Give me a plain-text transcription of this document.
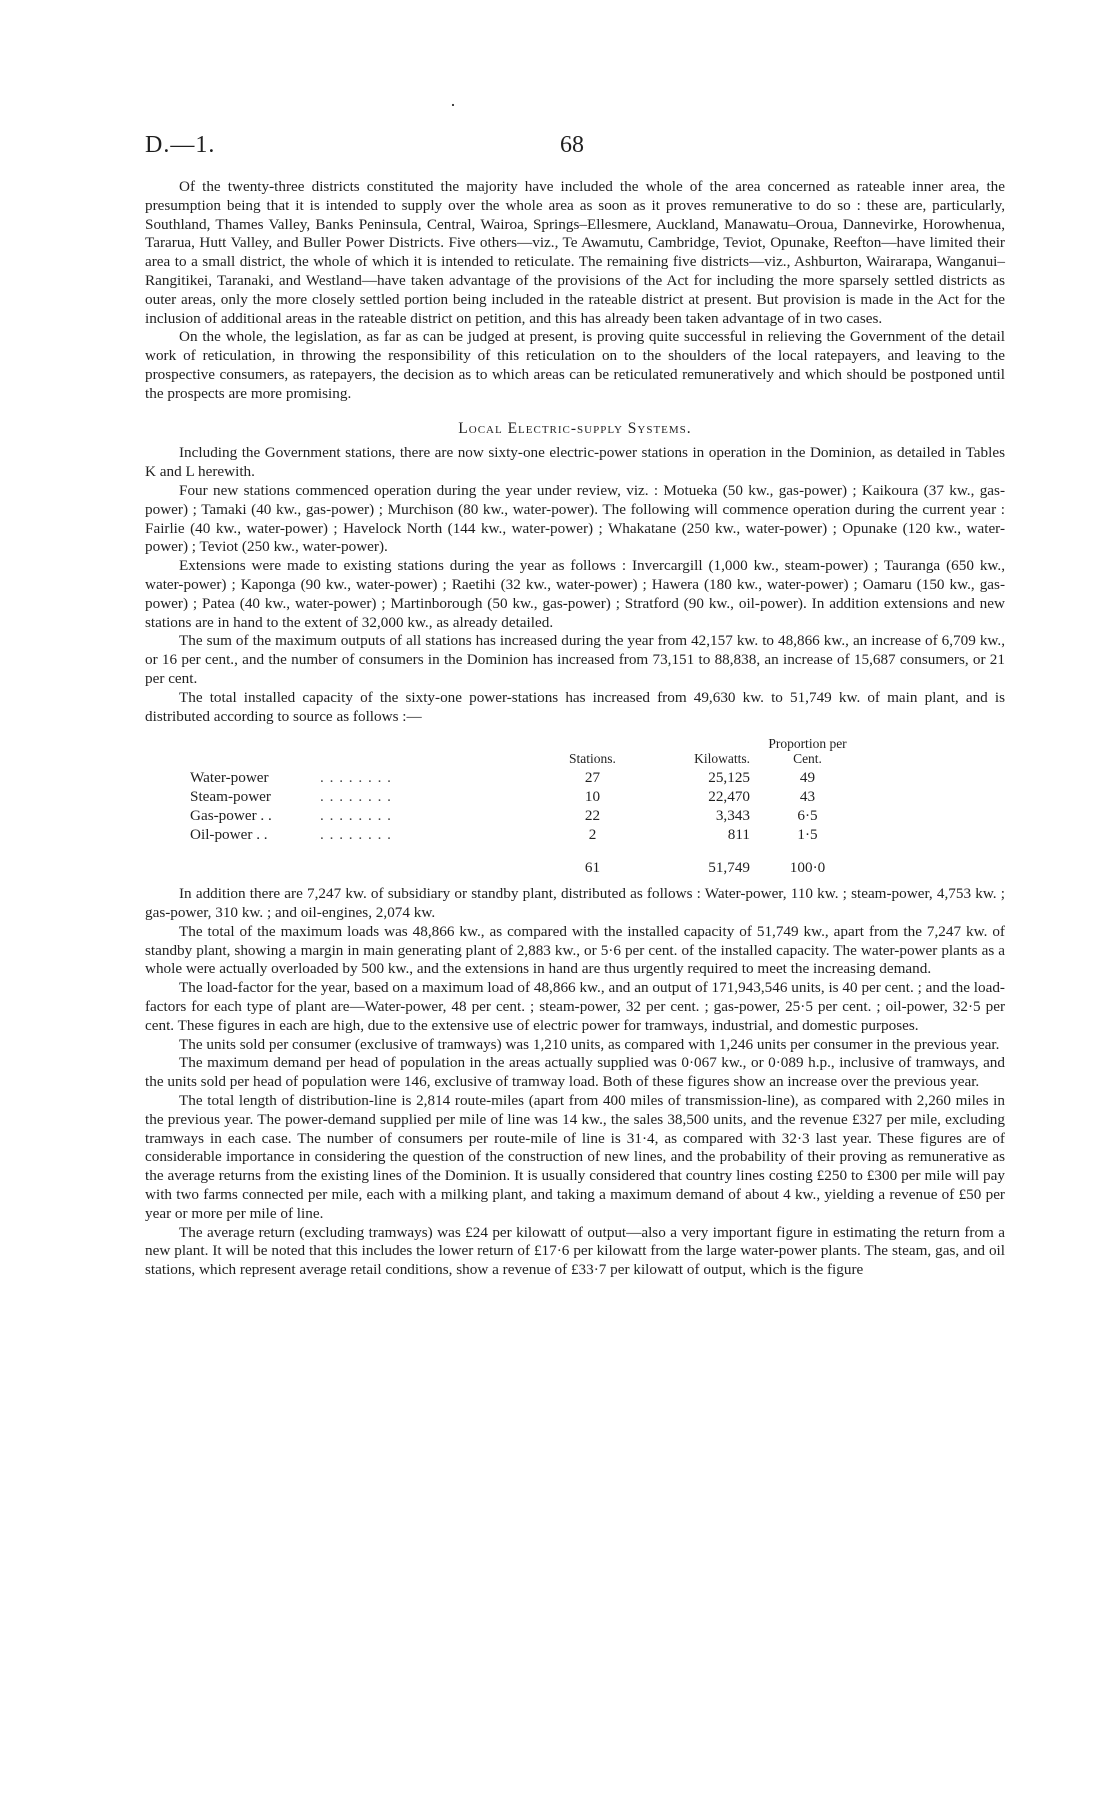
·
D.—1.	68

Of the twenty-three districts constituted the majority have included the whole of the area concerned as rateable inner area, the presumption being that it is intended to supply over the whole area as soon as it proves remunerative to do so : these are, particularly, Southland, Thames Valley, Banks Peninsula, Central, Wairoa, Springs–Ellesmere, Auckland, Manawatu–Oroua, Dannevirke, Horowhenua, Tararua, Hutt Valley, and Buller Power Districts. Five others—viz., Te Awamutu, Cambridge, Teviot, Opunake, Reefton—have limited their area to a small district, the whole of which it is intended to reticulate. The remaining five districts—viz., Ashburton, Wairarapa, Wanganui–Rangitikei, Taranaki, and Westland—have taken advantage of the provisions of the Act for including the more sparsely settled districts as outer areas, only the more closely settled portion being included in the rateable district at present. But provision is made in the Act for the inclusion of additional areas in the rateable district on petition, and this has already been taken advantage of in two cases.

On the whole, the legislation, as far as can be judged at present, is proving quite successful in relieving the Government of the detail work of reticulation, in throwing the responsibility of this reticulation on to the shoulders of the local ratepayers, and leaving to the prospective consumers, as ratepayers, the decision as to which areas can be reticulated remuneratively and which should be postponed until the prospects are more promising.

Local Electric-supply Systems.

Including the Government stations, there are now sixty-one electric-power stations in operation in the Dominion, as detailed in Tables K and L herewith.

Four new stations commenced operation during the year under review, viz. : Motueka (50 kw., gas-power) ; Kaikoura (37 kw., gas-power) ; Tamaki (40 kw., gas-power) ; Murchison (80 kw., water-power). The following will commence operation during the current year : Fairlie (40 kw., water-power) ; Havelock North (144 kw., water-power) ; Whakatane (250 kw., water-power) ; Opunake (120 kw., water-power) ; Teviot (250 kw., water-power).

Extensions were made to existing stations during the year as follows : Invercargill (1,000 kw., steam-power) ; Tauranga (650 kw., water-power) ; Kaponga (90 kw., water-power) ; Raetihi (32 kw., water-power) ; Hawera (180 kw., water-power) ; Oamaru (150 kw., gas-power) ; Patea (40 kw., water-power) ; Martinborough (50 kw., gas-power) ; Stratford (90 kw., oil-power). In addition extensions and new stations are in hand to the extent of 32,000 kw., as already detailed.

The sum of the maximum outputs of all stations has increased during the year from 42,157 kw. to 48,866 kw., an increase of 6,709 kw., or 16 per cent., and the number of consumers in the Dominion has increased from 73,151 to 88,838, an increase of 15,687 consumers, or 21 per cent.

The total installed capacity of the sixty-one power-stations has increased from 49,630 kw. to 51,749 kw. of main plant, and is distributed according to source as follows :—

		Stations.	Kilowatts.	Proportion per Cent.
Water-power	. . . . . . . .	27	25,125	49
Steam-power	. . . . . . . .	10	22,470	43
Gas-power . .	. . . . . . . .	22	3,343	6·5
Oil-power . .	. . . . . . . .	2	811	1·5
		61	51,749	100·0

In addition there are 7,247 kw. of subsidiary or standby plant, distributed as follows : Water-power, 110 kw. ; steam-power, 4,753 kw. ; gas-power, 310 kw. ; and oil-engines, 2,074 kw.

The total of the maximum loads was 48,866 kw., as compared with the installed capacity of 51,749 kw., apart from the 7,247 kw. of standby plant, showing a margin in main generating plant of 2,883 kw., or 5·6 per cent. of the installed capacity. The water-power plants as a whole were actually overloaded by 500 kw., and the extensions in hand are thus urgently required to meet the increasing demand.

The load-factor for the year, based on a maximum load of 48,866 kw., and an output of 171,943,546 units, is 40 per cent. ; and the load-factors for each type of plant are—Water-power, 48 per cent. ; steam-power, 32 per cent. ; gas-power, 25·5 per cent. ; oil-power, 32·5 per cent. These figures in each are high, due to the extensive use of electric power for tramways, industrial, and domestic purposes.

The units sold per consumer (exclusive of tramways) was 1,210 units, as compared with 1,246 units per consumer in the previous year.

The maximum demand per head of population in the areas actually supplied was 0·067 kw., or 0·089 h.p., inclusive of tramways, and the units sold per head of population were 146, exclusive of tramway load. Both of these figures show an increase over the previous year.

The total length of distribution-line is 2,814 route-miles (apart from 400 miles of transmission-line), as compared with 2,260 miles in the previous year. The power-demand supplied per mile of line was 14 kw., the sales 38,500 units, and the revenue £327 per mile, excluding tramways in each case. The number of consumers per route-mile of line is 31·4, as compared with 32·3 last year. These figures are of considerable importance in considering the question of the construction of new lines, and the probability of their proving as remunerative as the average returns from the existing lines of the Dominion. It is usually considered that country lines costing £250 to £300 per mile will pay with two farms connected per mile, each with a milking plant, and taking a maximum demand of about 4 kw., yielding a revenue of £50 per year or more per mile of line.

The average return (excluding tramways) was £24 per kilowatt of output—also a very important figure in estimating the return from a new plant. It will be noted that this includes the lower return of £17·6 per kilowatt from the large water-power plants. The steam, gas, and oil stations, which represent average retail conditions, show a revenue of £33·7 per kilowatt of output, which is the figure
